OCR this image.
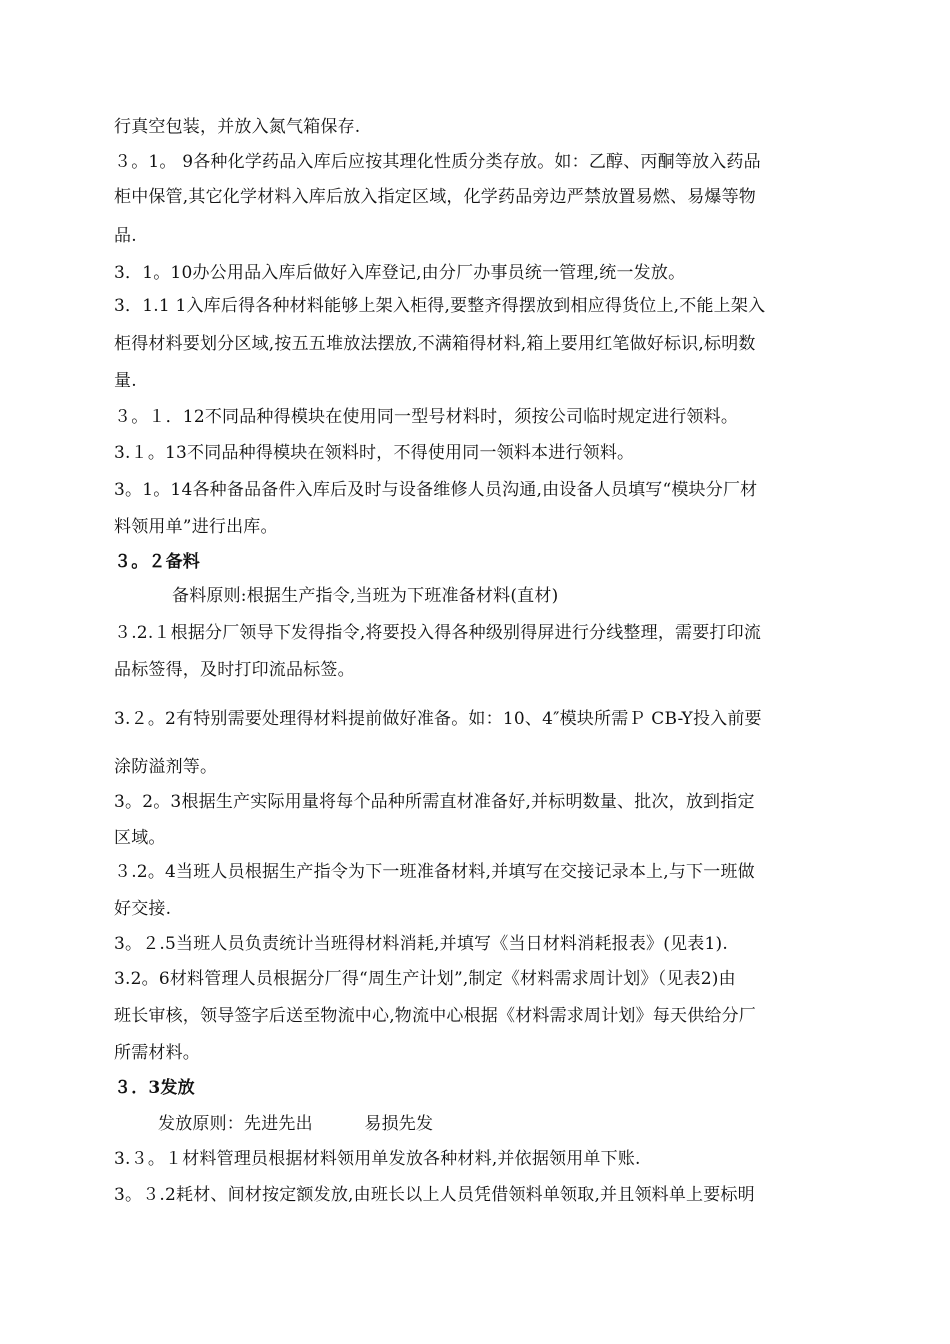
行真空包装，并放入氮气箱保存.
３。1。 9各种化学药品入库后应按其理化性质分类存放。如：乙醇、丙酮等放入药品
柜中保管,其它化学材料入库后放入指定区域，化学药品旁边严禁放置易燃、易爆等物
品.
3．1。10办公用品入库后做好入库登记,由分厂办事员统一管理,统一发放。
3．1.1 1入库后得各种材料能够上架入柜得,要整齐得摆放到相应得货位上,不能上架入
柜得材料要划分区域,按五五堆放法摆放,不满箱得材料,箱上要用红笔做好标识,标明数
量.
３。１．12不同品种得模块在使用同一型号材料时，须按公司临时规定进行领料。
3.１。13不同品种得模块在领料时，不得使用同一领料本进行领料。
3。1。14各种备品备件入库后及时与设备维修人员沟通,由设备人员填写“模块分厂材
料领用单”进行出库。
３。２备料
备料原则:根据生产指令,当班为下班准备材料(直材)
３.2.１根据分厂领导下发得指令,将要投入得各种级别得屏进行分线整理，需要打印流
品标签得，及时打印流品标签。
3.２。2有特别需要处理得材料提前做好准备。如：10、4″模块所需Ｐ CB-Y投入前要
涂防溢剂等。
3。2。3根据生产实际用量将每个品种所需直材准备好,并标明数量、批次，放到指定
区域。
３.2。4当班人员根据生产指令为下一班准备材料,并填写在交接记录本上,与下一班做
好交接.
3。２.5当班人员负责统计当班得材料消耗,并填写《当日材料消耗报表》(见表1).
3.2。6材料管理人员根据分厂得“周生产计划”,制定《材料需求周计划》（见表2)由
班长审核，领导签字后送至物流中心,物流中心根据《材料需求周计划》每天供给分厂
所需材料。
３．3发放
发放原则：先进先出　　　易损先发
3.３。１材料管理员根据材料领用单发放各种材料,并依据领用单下账.
3。３.2耗材、间材按定额发放,由班长以上人员凭借领料单领取,并且领料单上要标明
